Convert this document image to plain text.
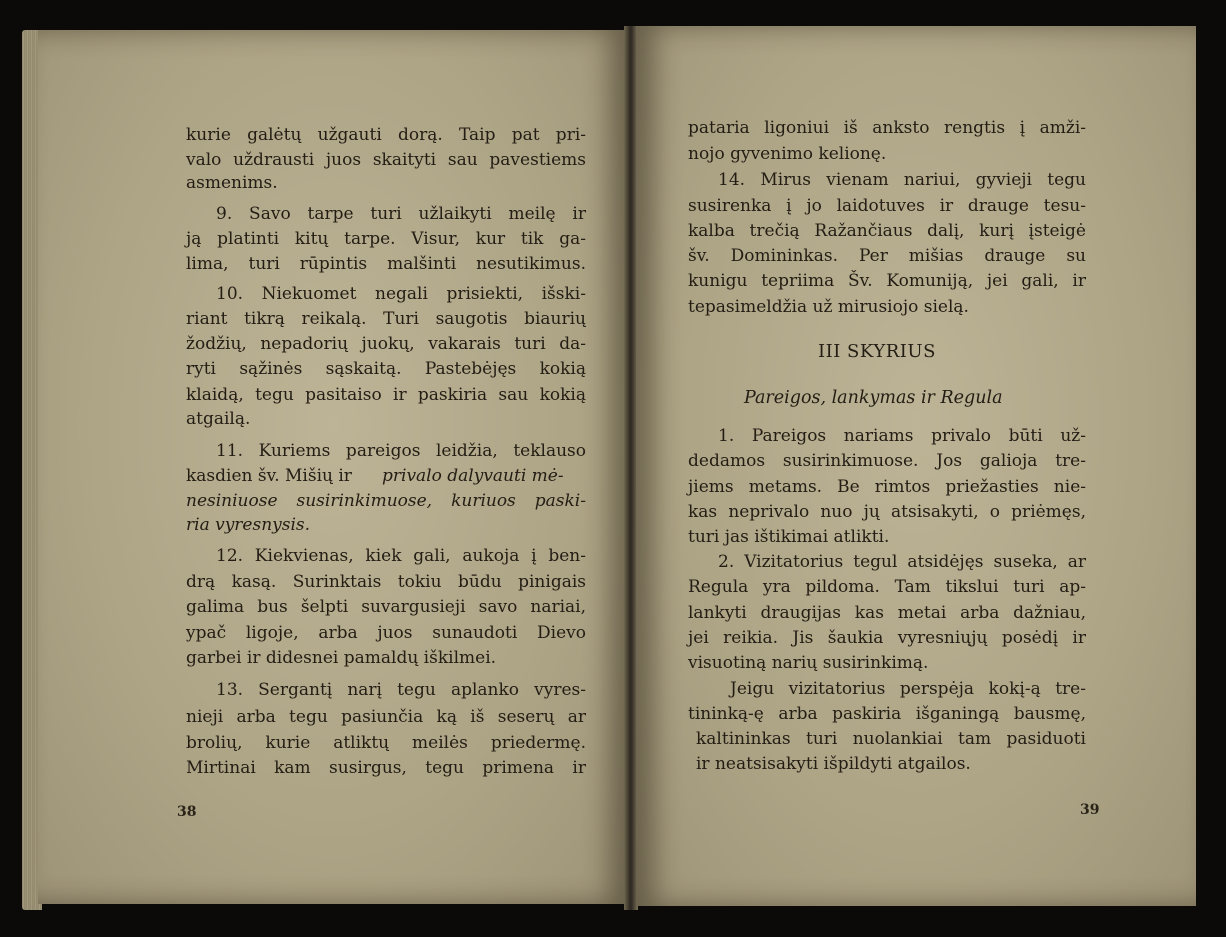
kurie galėtų užgauti dorą. Taip pat pri-
valo uždrausti juos skaityti sau pavestiems
asmenims.
9. Savo tarpe turi užlaikyti meilę ir
ją platinti kitų tarpe. Visur, kur tik ga-
lima, turi rūpintis malšinti nesutikimus.
10. Niekuomet negali prisiekti, išski-
riant tikrą reikalą. Turi saugotis biaurių
žodžių, nepadorių juokų, vakarais turi da-
ryti sąžinės sąskaitą. Pastebėjęs kokią
klaidą, tegu pasitaiso ir paskiria sau kokią
atgailą.
11. Kuriems pareigos leidžia, teklauso
kasdien šv. Mišių ir privalo dalyvauti mė-
nesiniuose susirinkimuose, kuriuos paski-
ria vyresnysis.
12. Kiekvienas, kiek gali, aukoja į ben-
drą kasą. Surinktais tokiu būdu pinigais
galima bus šelpti suvargusieji savo nariai,
ypač ligoje, arba juos sunaudoti Dievo
garbei ir didesnei pamaldų iškilmei.
13. Sergantį narį tegu aplanko vyres-
nieji arba tegu pasiunčia ką iš seserų ar
brolių, kurie atliktų meilės priedermę.
Mirtinai kam susirgus, tegu primena ir
38
pataria ligoniui iš anksto rengtis į amži-
nojo gyvenimo kelionę.
14. Mirus vienam nariui, gyvieji tegu
susirenka į jo laidotuves ir drauge tesu-
kalba trečią Ražančiaus dalį, kurį įsteigė
šv. Domininkas. Per mišias drauge su
kunigu tepriima Šv. Komuniją, jei gali, ir
tepasimeldžia už mirusiojo sielą.
III SKYRIUS
Pareigos, lankymas ir Regula
1. Pareigos nariams privalo būti už-
dedamos susirinkimuose. Jos galioja tre-
jiems metams. Be rimtos priežasties nie-
kas neprivalo nuo jų atsisakyti, o priėmęs,
turi jas ištikimai atlikti.
2. Vizitatorius tegul atsidėjęs suseka, ar
Regula yra pildoma. Tam tikslui turi ap-
lankyti draugijas kas metai arba dažniau,
jei reikia. Jis šaukia vyresniųjų posėdį ir
visuotiną narių susirinkimą.
Jeigu vizitatorius perspėja kokį-ą tre-
tininką-ę arba paskiria išganingą bausmę,
kaltininkas turi nuolankiai tam pasiduoti
ir neatsisakyti išpildyti atgailos.
39
